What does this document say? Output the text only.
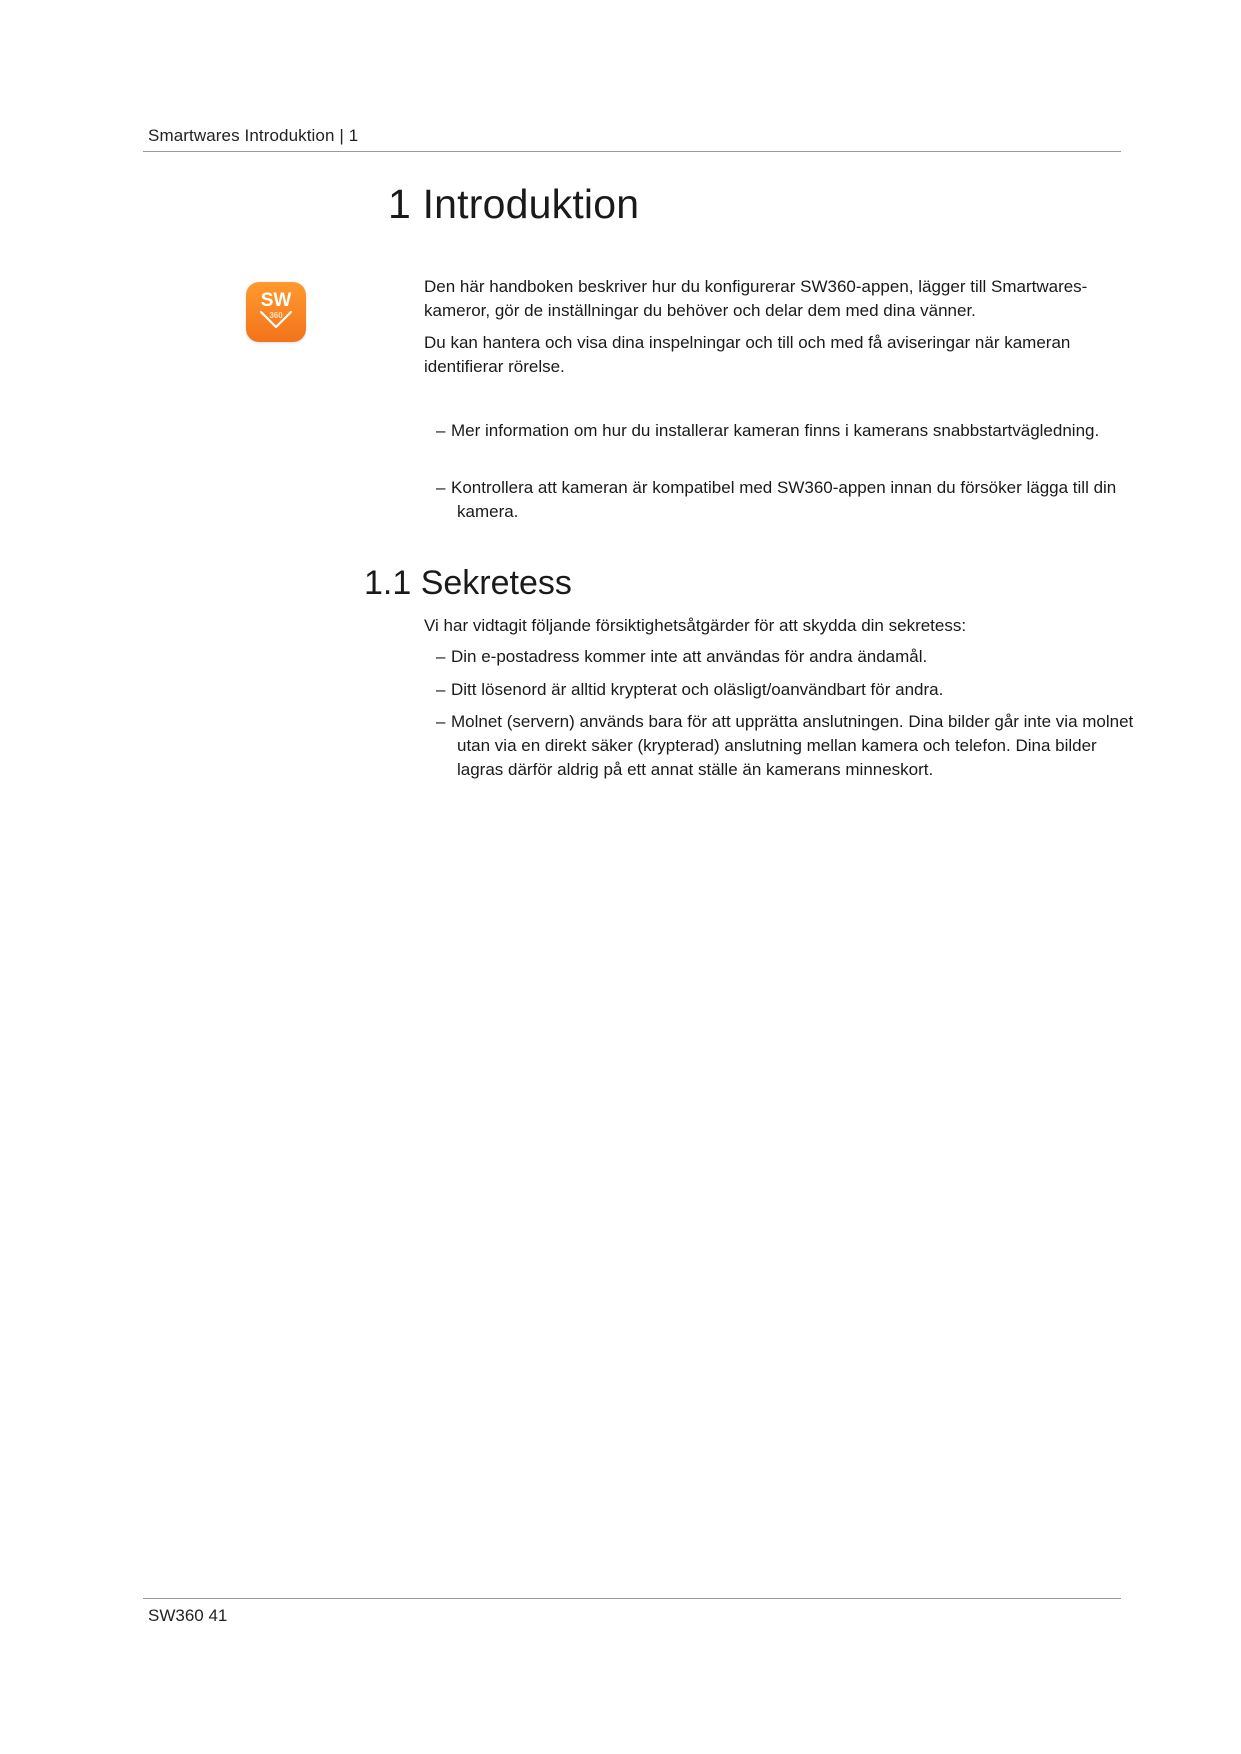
Smartwares Introduktion | 1
1 Introduktion
SW
360

Den här handboken beskriver hur du konfigurerar SW360-appen, lägger till Smartwares-kameror, gör de inställningar du behöver och delar dem med dina vänner.

Du kan hantera och visa dina inspelningar och till och med få aviseringar när kameran identifierar rörelse.

– Mer information om hur du installerar kameran finns i kamerans snabbstartvägledning.

– Kontrollera att kameran är kompatibel med SW360-appen innan du försöker lägga till din kamera.

1.1 Sekretess

Vi har vidtagit följande försiktighetsåtgärder för att skydda din sekretess:

– Din e-postadress kommer inte att användas för andra ändamål.

– Ditt lösenord är alltid krypterat och oläsligt/oanvändbart för andra.

– Molnet (servern) används bara för att upprätta anslutningen. Dina bilder går inte via molnet utan via en direkt säker (krypterad) anslutning mellan kamera och telefon. Dina bilder lagras därför aldrig på ett annat ställe än kamerans minneskort.

SW360 41
